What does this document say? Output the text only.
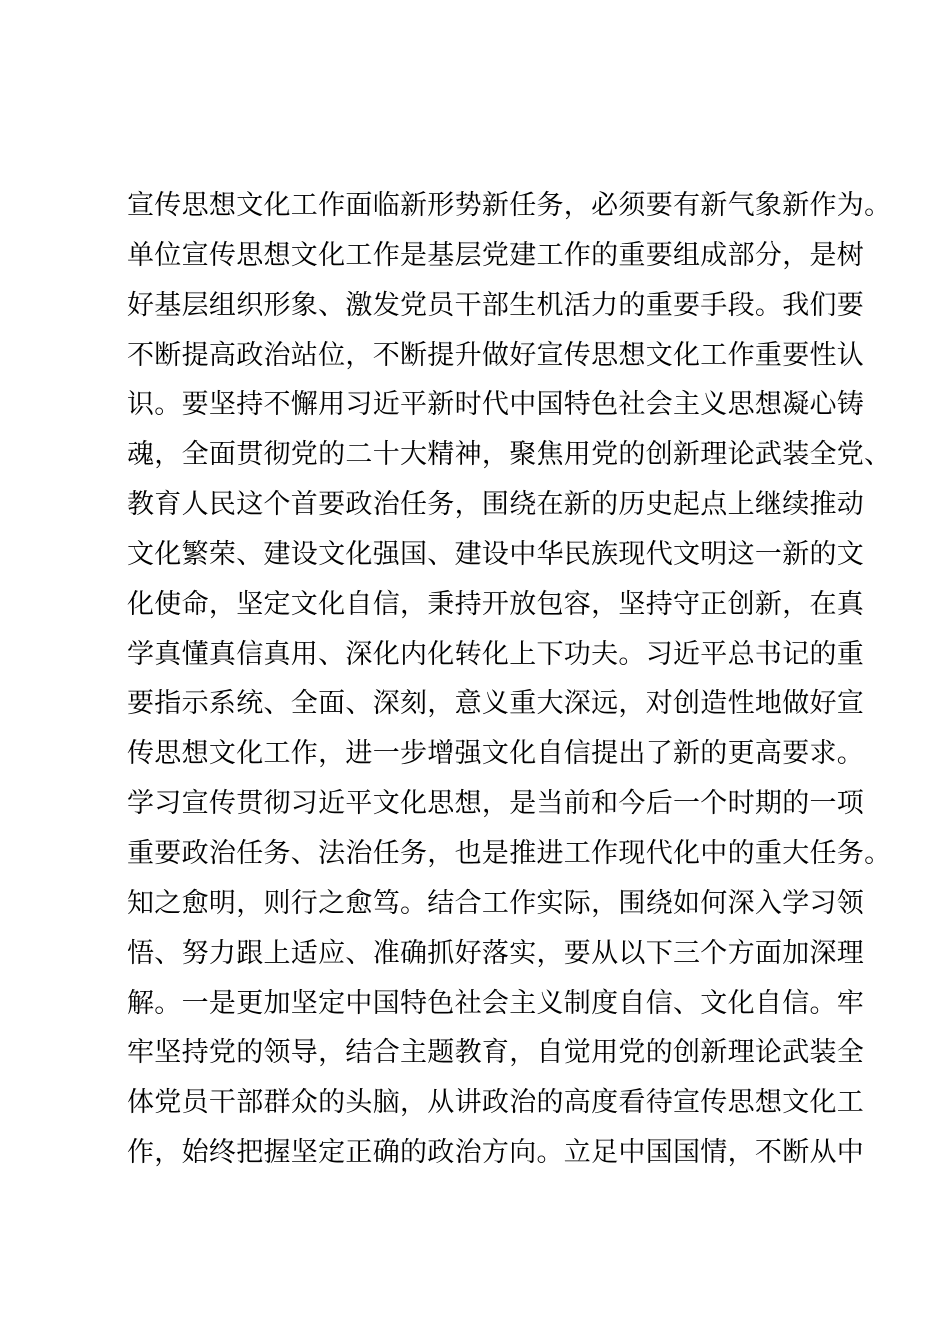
宣传思想文化工作面临新形势新任务，必须要有新气象新作为。
单位宣传思想文化工作是基层党建工作的重要组成部分，是树
好基层组织形象、激发党员干部生机活力的重要手段。我们要
不断提高政治站位，不断提升做好宣传思想文化工作重要性认
识。要坚持不懈用习近平新时代中国特色社会主义思想凝心铸
魂，全面贯彻党的二十大精神，聚焦用党的创新理论武装全党、
教育人民这个首要政治任务，围绕在新的历史起点上继续推动
文化繁荣、建设文化强国、建设中华民族现代文明这一新的文
化使命，坚定文化自信，秉持开放包容，坚持守正创新，在真
学真懂真信真用、深化内化转化上下功夫。习近平总书记的重
要指示系统、全面、深刻，意义重大深远，对创造性地做好宣
传思想文化工作，进一步增强文化自信提出了新的更高要求。
学习宣传贯彻习近平文化思想，是当前和今后一个时期的一项
重要政治任务、法治任务，也是推进工作现代化中的重大任务。
知之愈明，则行之愈笃。结合工作实际，围绕如何深入学习领
悟、努力跟上适应、准确抓好落实，要从以下三个方面加深理
解。一是更加坚定中国特色社会主义制度自信、文化自信。牢
牢坚持党的领导，结合主题教育，自觉用党的创新理论武装全
体党员干部群众的头脑，从讲政治的高度看待宣传思想文化工
作，始终把握坚定正确的政治方向。立足中国国情，不断从中
